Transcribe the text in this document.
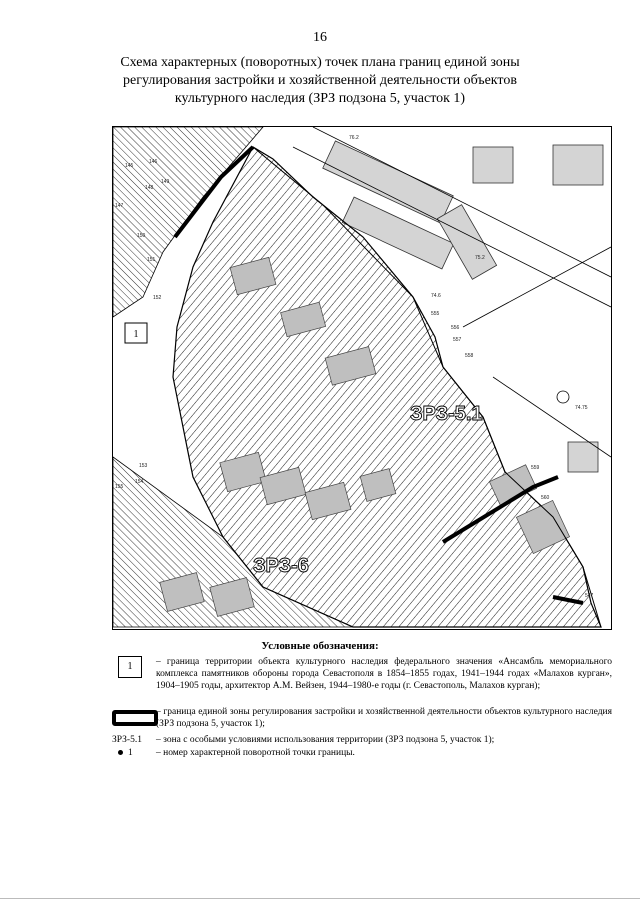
16
Схема характерных (поворотных) точек плана границ единой зоны регулирования застройки и хозяйственной деятельности объектов культурного наследия (ЗРЗ подзона 5, участок 1)
ЗРЗ-5.1
ЗРЗ-6
1
145
146
147
148
149
150
151
152
153
154
155
547
555
556
557
558
559
560
76.2
74.6
74.75
75.2
Условные обозначения:
1	– граница территории объекта культурного наследия федерального значения «Ансамбль мемориального комплекса памятников обороны города Севастополя в 1854–1855 годах, 1941–1944 годах «Малахов курган», 1904–1905 годы, архитектор А.М. Вейзен, 1944–1980-е годы (г. Севастополь, Малахов курган);
– граница единой зоны регулирования застройки и хозяйственной деятельности объектов культурного наследия (ЗРЗ подзона 5, участок 1);
ЗРЗ-5.1	– зона с особыми условиями использования территории (ЗРЗ подзона 5, участок 1);
1	– номер характерной поворотной точки границы.
